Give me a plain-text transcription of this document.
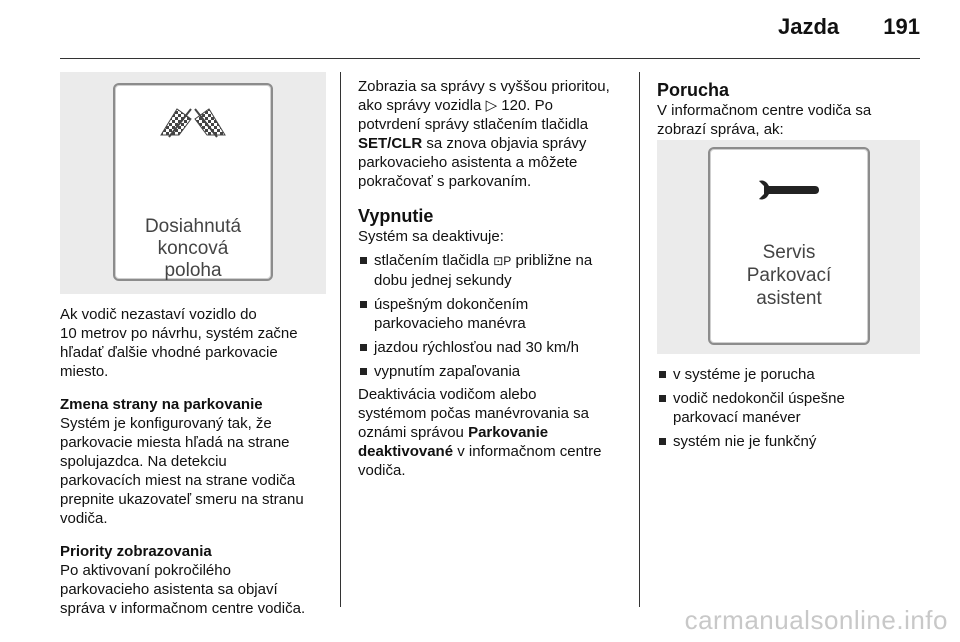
Jazda 191
Dosiahnutá
koncová
poloha

Ak vodič nezastaví vozidlo do

10 metrov po návrhu, systém začne

hľadať ďalšie vhodné parkovacie

miesto.

Zmena strany na parkovanie

Systém je konfigurovaný tak, že

parkovacie miesta hľadá na strane

spolujazdca. Na detekciu

parkovacích miest na strane vodiča

prepnite ukazovateľ smeru na stranu

vodiča.

Priority zobrazovania

Po aktivovaní pokročilého

parkovacieho asistenta sa objaví

správa v informačnom centre vodiča.

Zobrazia sa správy s vyššou prioritou,

ako správy vozidla ▷ 120. Po

potvrdení správy stlačením tlačidla

SET/CLR sa znova objavia správy

parkovacieho asistenta a môžete

pokračovať s parkovaním.

Vypnutie

Systém sa deaktivuje:

stlačením tlačidla ⊡P približne na

dobu jednej sekundy

úspešným dokončením

parkovacieho manévra

jazdou rýchlosťou nad 30 km/h

vypnutím zapaľovania

Deaktivácia vodičom alebo

systémom počas manévrovania sa

oznámi správou Parkovanie

deaktivované v informačnom centre

vodiča.

Porucha

V informačnom centre vodiča sa

zobrazí správa, ak:

Servis
Parkovací
asistent

v systéme je porucha

vodič nedokončil úspešne

parkovací manéver

systém nie je funkčný

carmanualsonline.info
